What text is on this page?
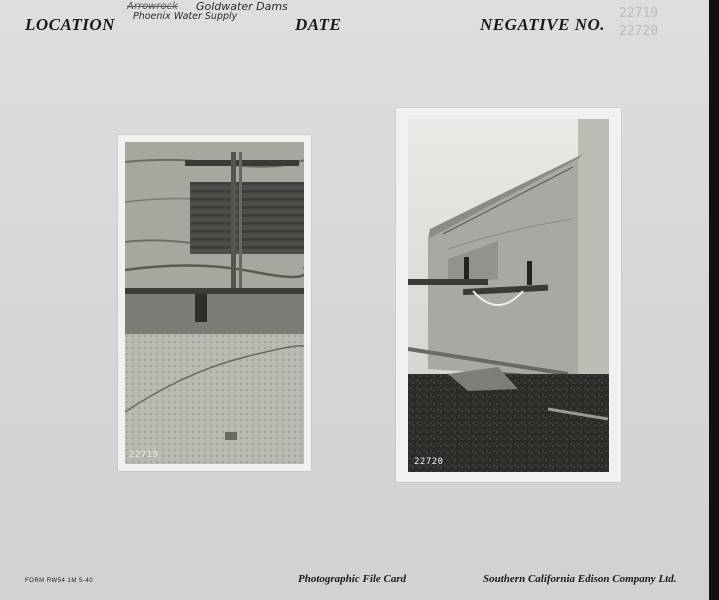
LOCATION	DATE	NEGATIVE NO.
Arrowrock Goldwater Dams
Phoenix Water Supply	22719
22720
22719
22720
FORM RW54 1M 5-40	Photographic File Card	Southern California Edison Company Ltd.
